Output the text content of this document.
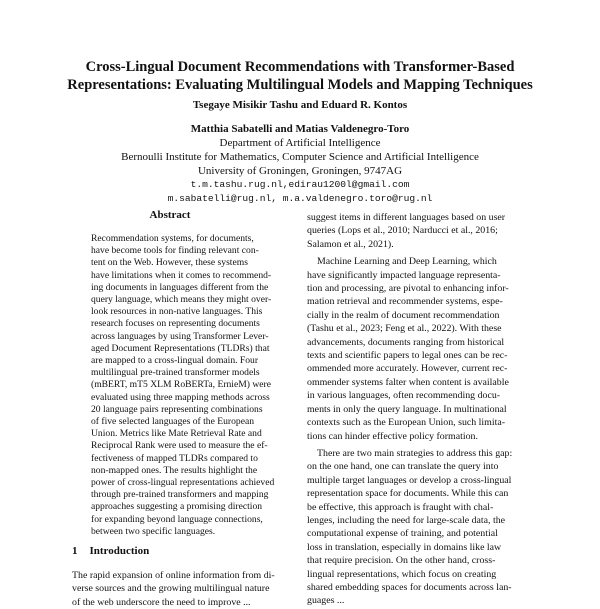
Cross-Lingual Document Recommendations with Transformer-Based
Representations: Evaluating Multilingual Models and Mapping Techniques
Tsegaye Misikir Tashu and Eduard R. Kontos
Matthia Sabatelli and Matias Valdenegro-Toro
Department of Artificial Intelligence
Bernoulli Institute for Mathematics, Computer Science and Artificial Intelligence
University of Groningen, Groningen, 9747AG
t.m.tashu.rug.nl,edirau1200l@gmail.com
m.sabatelli@rug.nl, m.a.valdenegro.toro@rug.nl
Abstract
Recommendation systems, for documents,
have become tools for finding relevant con-
tent on the Web. However, these systems
have limitations when it comes to recommend-
ing documents in languages different from the
query language, which means they might over-
look resources in non-native languages. This
research focuses on representing documents
across languages by using Transformer Lever-
aged Document Representations (TLDRs) that
are mapped to a cross-lingual domain. Four
multilingual pre-trained transformer models
(mBERT, mT5 XLM RoBERTa, ErnieM) were
evaluated using three mapping methods across
20 language pairs representing combinations
of five selected languages of the European
Union. Metrics like Mate Retrieval Rate and
Reciprocal Rank were used to measure the ef-
fectiveness of mapped TLDRs compared to
non-mapped ones. The results highlight the
power of cross-lingual representations achieved
through pre-trained transformers and mapping
approaches suggesting a promising direction
for expanding beyond language connections,
between two specific languages.
1 Introduction
The rapid expansion of online information from di-
verse sources and the growing multilingual nature
of the web underscore the need to improve ...

suggest items in different languages based on user
queries (Lops et al., 2010; Narducci et al., 2016;
Salamon et al., 2021).

Machine Learning and Deep Learning, which
have significantly impacted language representa-
tion and processing, are pivotal to enhancing infor-
mation retrieval and recommender systems, espe-
cially in the realm of document recommendation
(Tashu et al., 2023; Feng et al., 2022). With these
advancements, documents ranging from historical
texts and scientific papers to legal ones can be rec-
ommended more accurately. However, current rec-
ommender systems falter when content is available
in various languages, often recommending docu-
ments in only the query language. In multinational
contexts such as the European Union, such limita-
tions can hinder effective policy formation.

There are two main strategies to address this gap:
on the one hand, one can translate the query into
multiple target languages or develop a cross-lingual
representation space for documents. While this can
be effective, this approach is fraught with chal-
lenges, including the need for large-scale data, the
computational expense of training, and potential
loss in translation, especially in domains like law
that require precision. On the other hand, cross-
lingual representations, which focus on creating
shared embedding spaces for documents across lan-
guages ...
